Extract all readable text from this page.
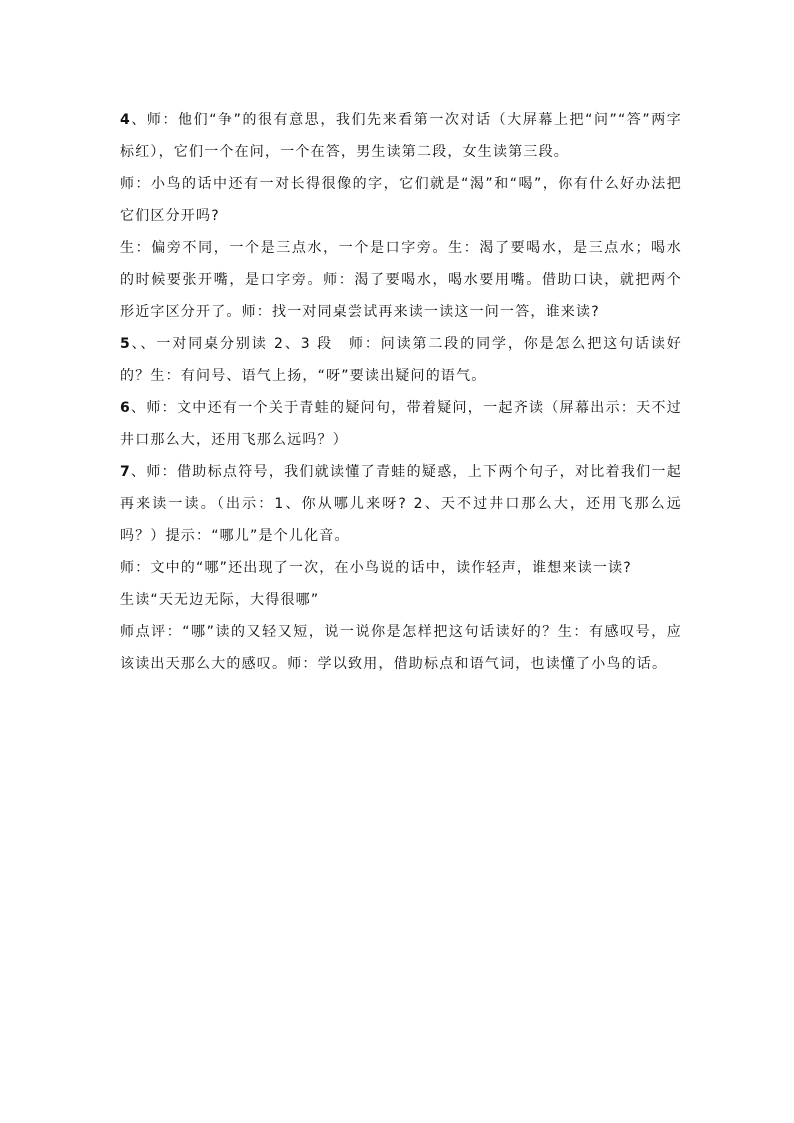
4、师：他们“争”的很有意思，我们先来看第一次对话（大屏幕上把“问”“答”两字标红），它们一个在问，一个在答，男生读第二段，女生读第三段。

师：小鸟的话中还有一对长得很像的字，它们就是“渴”和“喝”，你有什么好办法把它们区分开吗?

生：偏旁不同，一个是三点水，一个是口字旁。生：渴了要喝水，是三点水；喝水的时候要张开嘴，是口字旁。师：渴了要喝水，喝水要用嘴。借助口诀，就把两个形近字区分开了。师：找一对同桌尝试再来读一读这一问一答，谁来读?

5、、一对同桌分别读 2、3 段　师：问读第二段的同学，你是怎么把这句话读好的？生：有问号、语气上扬，“呀”要读出疑问的语气。

6、师：文中还有一个关于青蛙的疑问句，带着疑问，一起齐读（屏幕出示：天不过井口那么大，还用飞那么远吗？）

7、师：借助标点符号，我们就读懂了青蛙的疑惑，上下两个句子，对比着我们一起再来读一读。（出示：1、你从哪儿来呀? 2、天不过井口那么大，还用飞那么远吗？）提示：“哪儿”是个儿化音。

师：文中的“哪”还出现了一次，在小鸟说的话中，读作轻声，谁想来读一读?

生读“天无边无际，大得很哪”

师点评：“哪”读的又轻又短，说一说你是怎样把这句话读好的？生：有感叹号，应该读出天那么大的感叹。师：学以致用，借助标点和语气词，也读懂了小鸟的话。
